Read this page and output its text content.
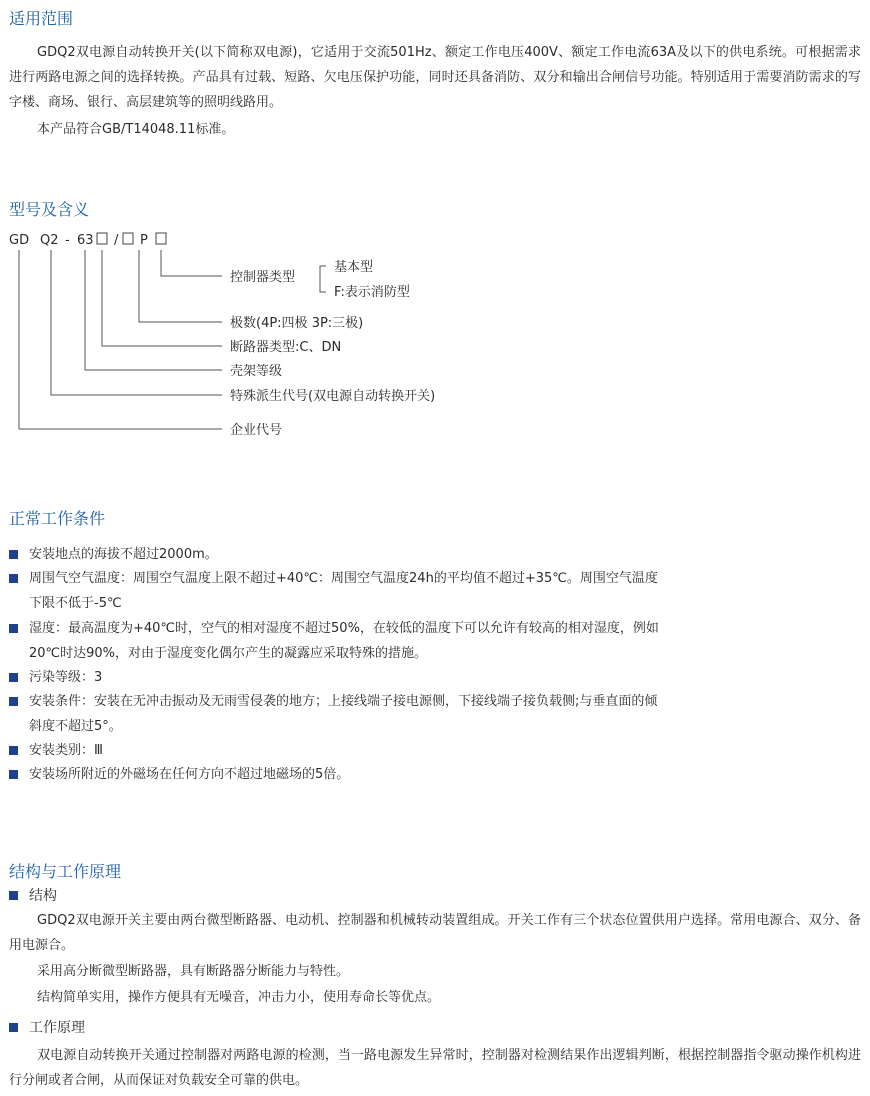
适用范围

GDQ2双电源自动转换开关(以下简称双电源)，它适用于交流501Hz、额定工作电压400V、额定工作电流63A及以下的供电系统。可根据需求进行两路电源之间的选择转换。产品具有过载、短路、欠电压保护功能，同时还具备消防、双分和输出合闸信号功能。特别适用于需要消防需求的写字楼、商场、银行、高层建筑等的照明线路用。

本产品符合GB/T14048.11标准。

型号及含义
GD Q2 - 63 / P
控制器类型
基本型
F:表示消防型
极数(4P:四极 3P:三极)
断路器类型:C、DN
壳架等级
特殊派生代号(双电源自动转换开关)
企业代号
正常工作条件
安装地点的海拔不超过2000m。
周围气空气温度：周围空气温度上限不超过+40℃：周围空气温度24h的平均值不超过+35℃。周围空气温度下限不低于-5℃
湿度：最高温度为+40℃时，空气的相对湿度不超过50%，在较低的温度下可以允许有较高的相对湿度，例如20℃时达90%，对由于湿度变化偶尔产生的凝露应采取特殊的措施。
污染等级：3
安装条件：安装在无冲击振动及无雨雪侵袭的地方；上接线端子接电源侧，下接线端子接负载侧;与垂直面的倾斜度不超过5°。
安装类别：Ⅲ
安装场所附近的外磁场在任何方向不超过地磁场的5倍。
结构与工作原理
结构

GDQ2双电源开关主要由两台微型断路器、电动机、控制器和机械转动装置组成。开关工作有三个状态位置供用户选择。常用电源合、双分、备用电源合。

采用高分断微型断路器，具有断路器分断能力与特性。
结构简单实用，操作方便具有无噪音，冲击力小，使用寿命长等优点。
工作原理

双电源自动转换开关通过控制器对两路电源的检测，当一路电源发生异常时，控制器对检测结果作出逻辑判断，根据控制器指令驱动操作机构进行分闸或者合闸，从而保证对负载安全可靠的供电。
